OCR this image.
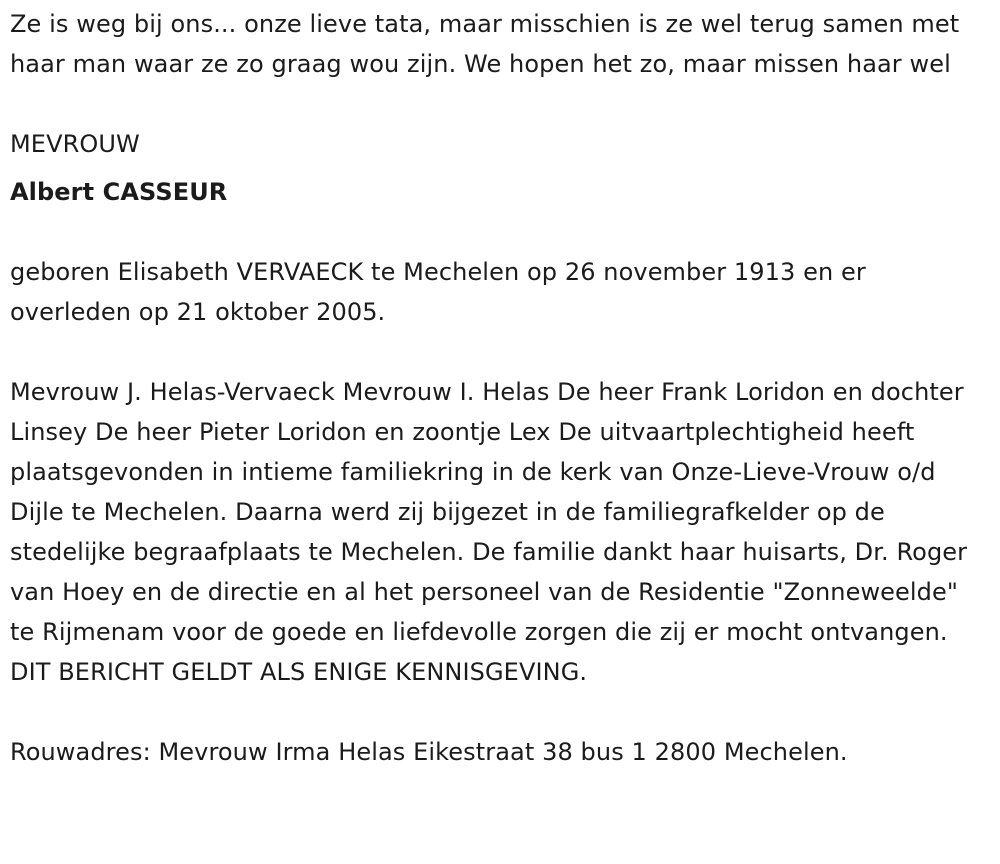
Ze is weg bij ons... onze lieve tata, maar misschien is ze wel terug samen met haar man waar ze zo graag wou zijn. We hopen het zo, maar missen haar wel

MEVROUW

Albert CASSEUR

geboren Elisabeth VERVAECK te Mechelen op 26 november 1913 en er overleden op 21 oktober 2005.

Mevrouw J. Helas-Vervaeck Mevrouw I. Helas De heer Frank Loridon en dochter Linsey De heer Pieter Loridon en zoontje Lex De uitvaartplechtigheid heeft plaatsgevonden in intieme familiekring in de kerk van Onze-Lieve-Vrouw o/d Dijle te Mechelen. Daarna werd zij bijgezet in de familiegrafkelder op de stedelijke begraafplaats te Mechelen. De familie dankt haar huisarts, Dr. Roger van Hoey en de directie en al het personeel van de Residentie "Zonneweelde" te Rijmenam voor de goede en liefdevolle zorgen die zij er mocht ontvangen. DIT BERICHT GELDT ALS ENIGE KENNISGEVING.

Rouwadres: Mevrouw Irma Helas Eikestraat 38 bus 1 2800 Mechelen.
